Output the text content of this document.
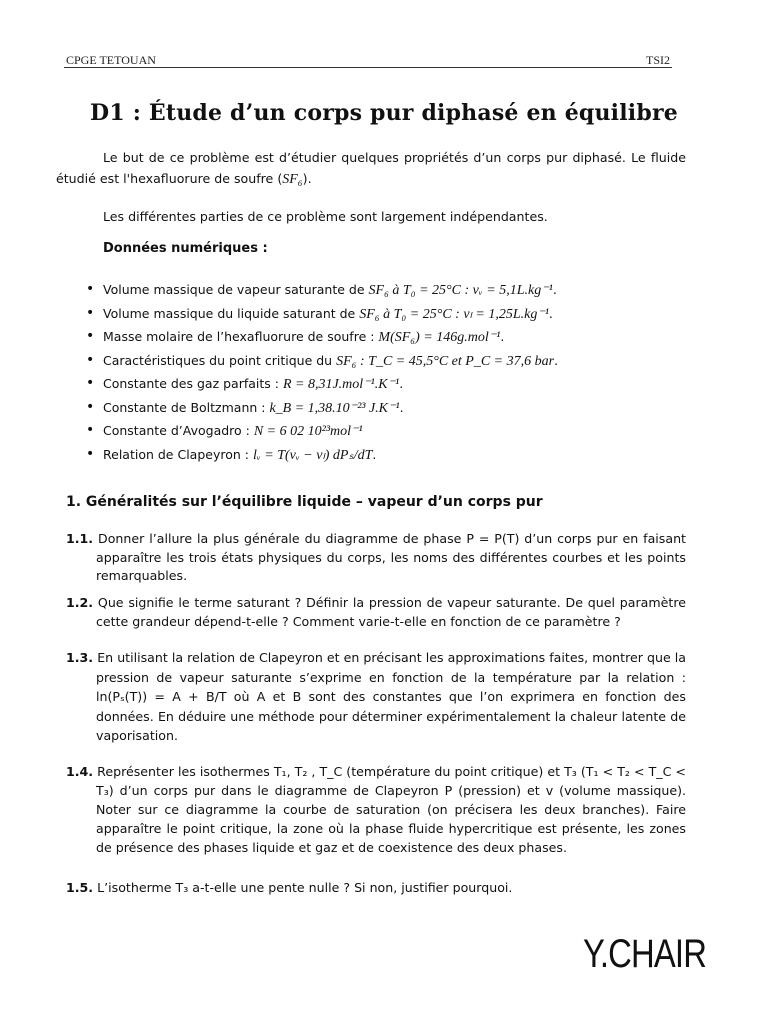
CPGE TETOUAN	TSI2
D1 : Étude d’un corps pur diphasé en équilibre
Le but de ce problème est d’étudier quelques propriétés d’un corps pur diphasé. Le fluide étudié est l'hexafluorure de soufre (SF₆).
Les différentes parties de ce problème sont largement indépendantes.
Données numériques :
• Volume massique de vapeur saturante de SF₆ à T₀ = 25°C : vᵥ = 5,1L.kg⁻¹.
• Volume massique du liquide saturant de SF₆ à T₀ = 25°C : vₗ = 1,25L.kg⁻¹.
• Masse molaire de l’hexafluorure de soufre : M(SF₆) = 146g.mol⁻¹.
• Caractéristiques du point critique du SF₆ : T_C = 45,5°C et P_C = 37,6 bar.
• Constante des gaz parfaits : R = 8,31J.mol⁻¹.K⁻¹.
• Constante de Boltzmann : k_B = 1,38.10⁻²³ J.K⁻¹.
• Constante d’Avogadro : N = 6 02 10²³mol⁻¹
• Relation de Clapeyron : lᵥ = T(vᵥ − vₗ) dPₛ/dT.
1. Généralités sur l’équilibre liquide – vapeur d’un corps pur
1.1. Donner l’allure la plus générale du diagramme de phase P = P(T) d’un corps pur en faisant apparaître les trois états physiques du corps, les noms des différentes courbes et les points remarquables.
1.2. Que signifie le terme saturant ? Définir la pression de vapeur saturante. De quel paramètre cette grandeur dépend-t-elle ? Comment varie-t-elle en fonction de ce paramètre ?
1.3. En utilisant la relation de Clapeyron et en précisant les approximations faites, montrer que la pression de vapeur saturante s’exprime en fonction de la température par la relation : ln(Pₛ(T)) = A + B/T où A et B sont des constantes que l’on exprimera en fonction des données. En déduire une méthode pour déterminer expérimentalement la chaleur latente de vaporisation.
1.4. Représenter les isothermes T₁, T₂ , T_C (température du point critique) et T₃ (T₁ < T₂ < T_C < T₃) d’un corps pur dans le diagramme de Clapeyron P (pression) et v (volume massique). Noter sur ce diagramme la courbe de saturation (on précisera les deux branches). Faire apparaître le point critique, la zone où la phase fluide hypercritique est présente, les zones de présence des phases liquide et gaz et de coexistence des deux phases.
1.5. L’isotherme T₃ a-t-elle une pente nulle ? Si non, justifier pourquoi.
Y.CHAIR
